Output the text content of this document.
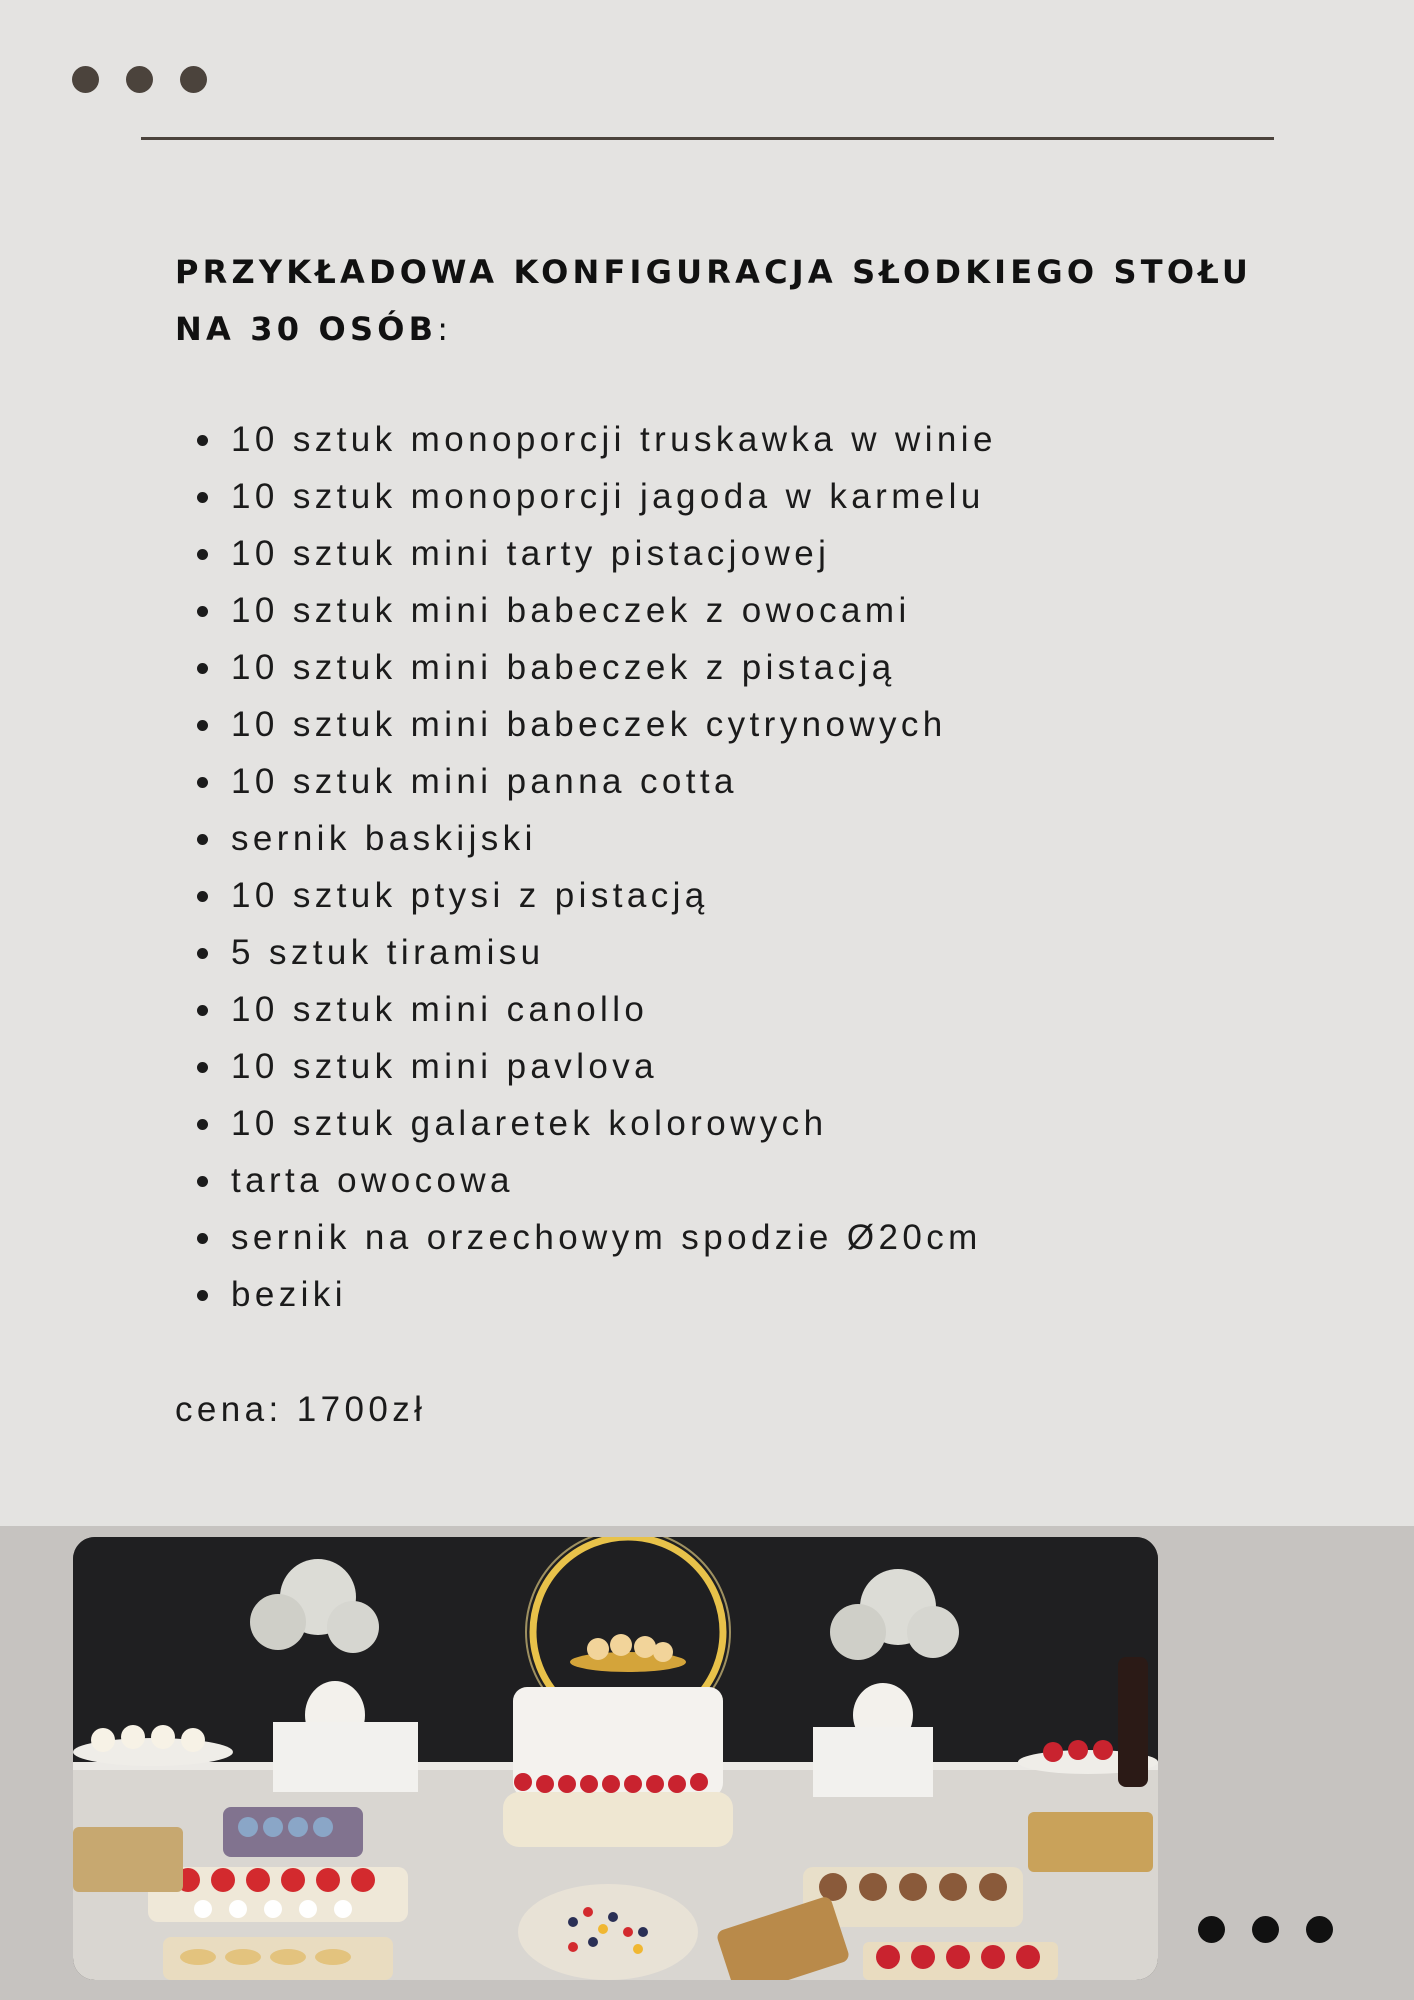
PRZYKŁADOWA KONFIGURACJA SŁODKIEGO STOŁU
NA 30 OSÓB:
10 sztuk monoporcji truskawka w winie
10 sztuk monoporcji jagoda w karmelu
10 sztuk mini tarty pistacjowej
10 sztuk mini babeczek z owocami
10 sztuk mini babeczek z pistacją
10 sztuk mini babeczek cytrynowych
10 sztuk mini panna cotta
sernik baskijski
10 sztuk ptysi z pistacją
5 sztuk tiramisu
10 sztuk mini canollo
10 sztuk mini pavlova
10 sztuk galaretek kolorowych
tarta owocowa
sernik na orzechowym spodzie Ø20cm
beziki
cena: 1700zł
